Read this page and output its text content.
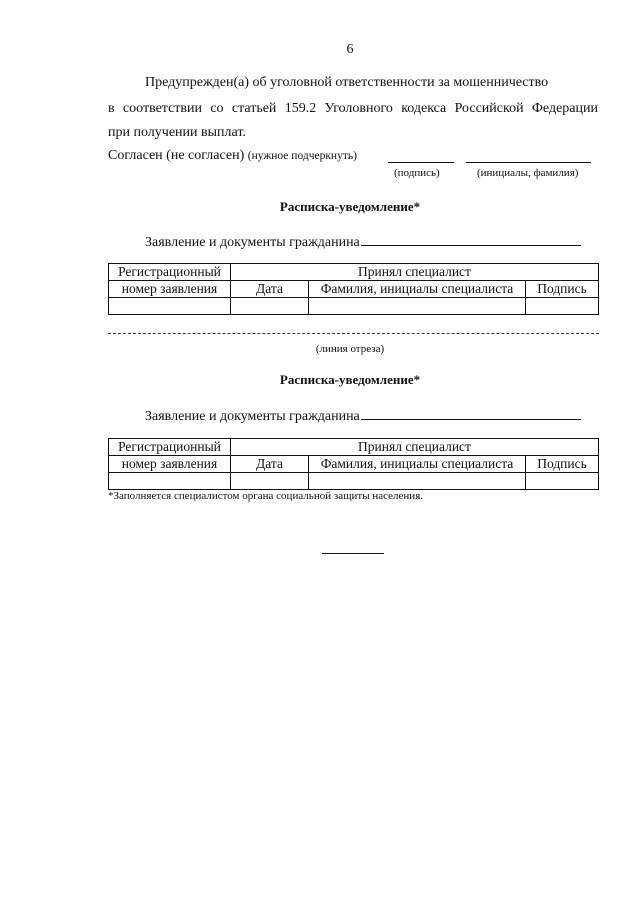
6
Предупрежден(а) об уголовной ответственности за мошенничество
в соответствии со статьей 159.2 Уголовного кодекса Российской Федерации
при получении выплат.
Согласен (не согласен) (нужное подчеркнуть)
(подпись)	(инициалы, фамилия)
Расписка-уведомление*
Заявление и документы гражданина
Регистрационный	Принял специалист		
номер заявления	Дата	Фамилия, инициалы специалиста	Подпись

(линия отреза)
Расписка-уведомление*
Заявление и документы гражданина
Регистрационный	Принял специалист		
номер заявления	Дата	Фамилия, инициалы специалиста	Подпись

*Заполняется специалистом органа социальной защиты населения.
